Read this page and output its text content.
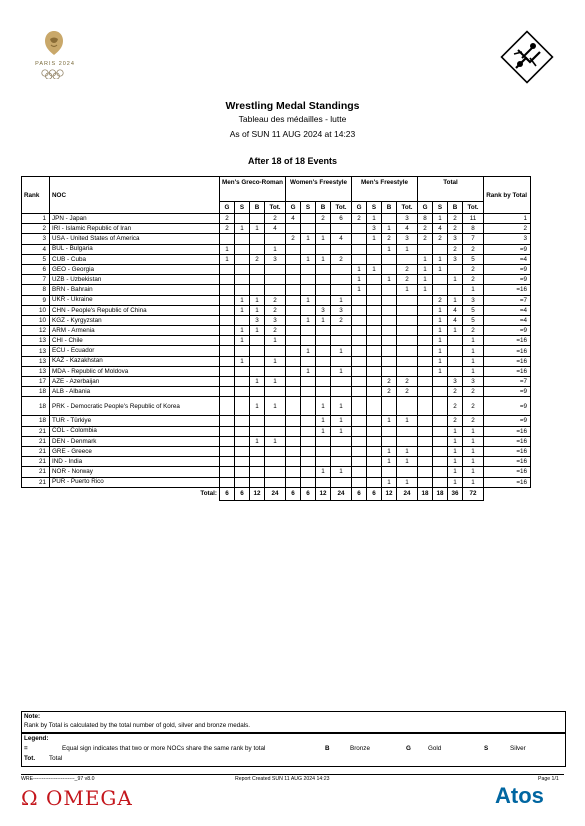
PARIS 2024
Wrestling Medal Standings
Tableau des médailles - lutte
As of SUN 11 AUG 2024 at 14:23
After 18 of 18 Events
Rank	NOC	Men's Greco-Roman				Women's Freestyle				Men's Freestyle				Total				Rank by Total
		G	S	B	Tot.	G	S	B	Tot.	G	S	B	Tot.	G	S	B	Tot.	
1	JPN - Japan	2			2	4		2	6	2	1		3	8	1	2	11	1
2	IRI - Islamic Republic of Iran	2	1	1	4						3	1	4	2	4	2	8	2
3	USA - United States of America					2	1	1	4		1	2	3	2	2	3	7	3
4	BUL - Bulgaria	1			1							1	1			2	2	=9
5	CUB - Cuba	1		2	3		1	1	2					1	1	3	5	=4
6	GEO - Georgia									1	1		2	1	1		2	=9
7	UZB - Uzbekistan									1		1	2	1		1	2	=9
8	BRN - Bahrain									1			1	1			1	=16
9	UKR - Ukraine		1	1	2		1		1						2	1	3	=7
10	CHN - People's Republic of China		1	1	2			3	3						1	4	5	=4
10	KGZ - Kyrgyzstan			3	3		1	1	2						1	4	5	=4
12	ARM - Armenia		1	1	2										1	1	2	=9
13	CHI - Chile		1		1										1		1	=16
13	ECU - Ecuador						1		1						1		1	=16
13	KAZ - Kazakhstan		1		1										1		1	=16
13	MDA - Republic of Moldova						1		1						1		1	=16
17	AZE - Azerbaijan			1	1							2	2			3	3	=7
18	ALB - Albania											2	2			2	2	=9
18	PRK - Democratic People's Republic of Korea			1	1			1	1							2	2	=9
18	TUR - Türkiye							1	1			1	1			2	2	=9
21	COL - Colombia							1	1							1	1	=16
21	DEN - Denmark			1	1											1	1	=16
21	GRE - Greece											1	1			1	1	=16
21	IND - India											1	1			1	1	=16
21	NOR - Norway							1	1							1	1	=16
21	PUR - Puerto Rico											1	1			1	1	=16
Total:		6	6	12	24	6	6	12	24	6	6	12	24	18	18	36	72	
Note:
Rank by Total is calculated by the total number of gold, silver and bronze medals.
Legend:
=	Equal sign indicates that two or more NOCs share the same rank by total	B	Bronze	G	Gold	S	Silver
Tot. Total
WRE------------------------_97 v8.0	Report Created SUN 11 AUG 2024 14:23	Page 1/1
Ω OMEGA	Atos
